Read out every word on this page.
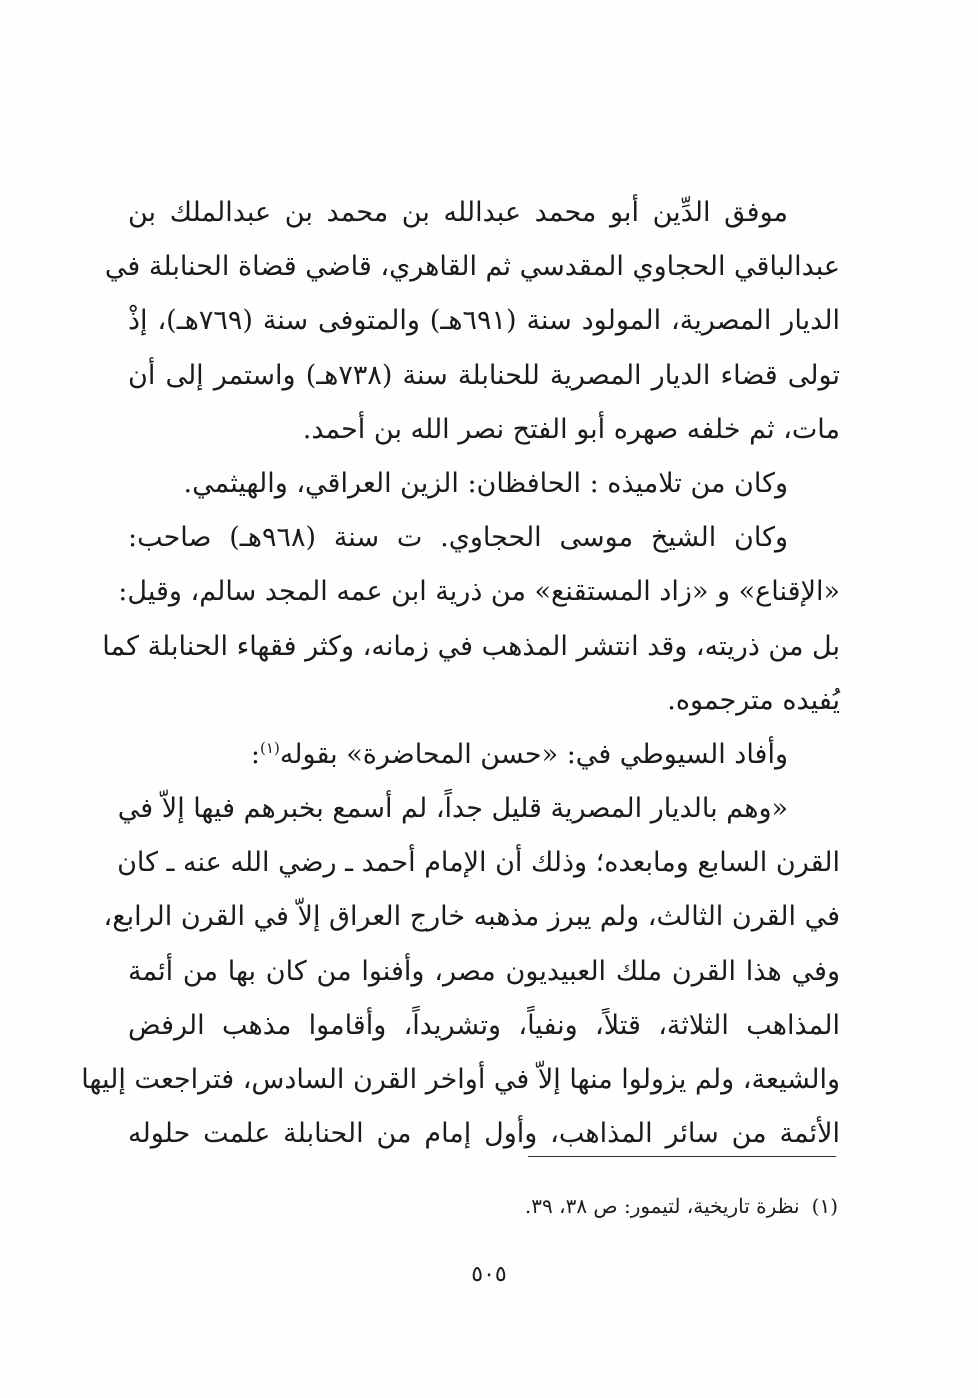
موفق الدِّين أبو محمد عبدالله بن محمد بن عبدالملك بن
عبدالباقي الحجاوي المقدسي ثم القاهري، قاضي قضاة الحنابلة في
الديار المصرية، المولود سنة (٦٩١هـ) والمتوفى سنة (٧٦٩هـ)، إذْ
تولى قضاء الديار المصرية للحنابلة سنة (٧٣٨هـ) واستمر إلى أن
مات، ثم خلفه صهره أبو الفتح نصر الله بن أحمد.
وكان من تلاميذه : الحافظان: الزين العراقي، والهيثمي.
وكان الشيخ موسى الحجاوي. ت سنة (٩٦٨هـ) صاحب:
«الإقناع» و «زاد المستقنع» من ذرية ابن عمه المجد سالم، وقيل:
بل من ذريته، وقد انتشر المذهب في زمانه، وكثر فقهاء الحنابلة كما
يُفيده مترجموه.
وأفاد السيوطي في: «حسن المحاضرة» بقوله$^{(١)}$:
«وهم بالديار المصرية قليل جداً، لم أسمع بخبرهم فيها إلاّ في
القرن السابع ومابعده؛ وذلك أن الإمام أحمد ـ رضي الله عنه ـ كان
في القرن الثالث، ولم يبرز مذهبه خارج العراق إلاّ في القرن الرابع،
وفي هذا القرن ملك العبيديون مصر، وأفنوا من كان بها من أئمة
المذاهب الثلاثة، قتلاً، ونفياً، وتشريداً، وأقاموا مذهب الرفض
والشيعة، ولم يزولوا منها إلاّ في أواخر القرن السادس، فتراجعت إليها
الأئمة من سائر المذاهب، وأول إمام من الحنابلة علمت حلوله
(١)نظرة تاريخية، لتيمور: ص ٣٨، ٣٩.
٥٠٥
